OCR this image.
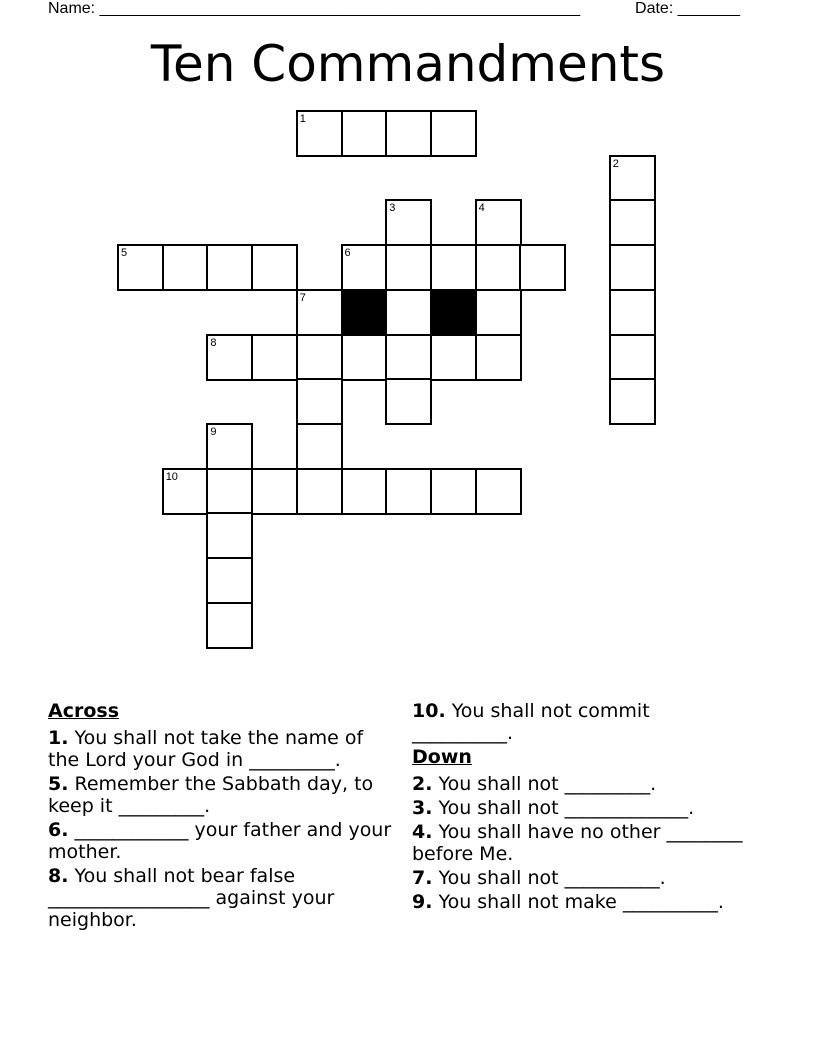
Name: ______________________________________________________	Date: _______
Ten Commandments
1
2
3	4
5	6
7
8
9
10
Across
1. You shall not take the name of the Lord your God in _________.
5. Remember the Sabbath day, to keep it _________.
6. ____________ your father and your mother.
8. You shall not bear false _________________ against your neighbor.
10. You shall not commit __________.
Down
2. You shall not _________.
3. You shall not _____________.
4. You shall have no other ________ before Me.
7. You shall not __________.
9. You shall not make __________.
